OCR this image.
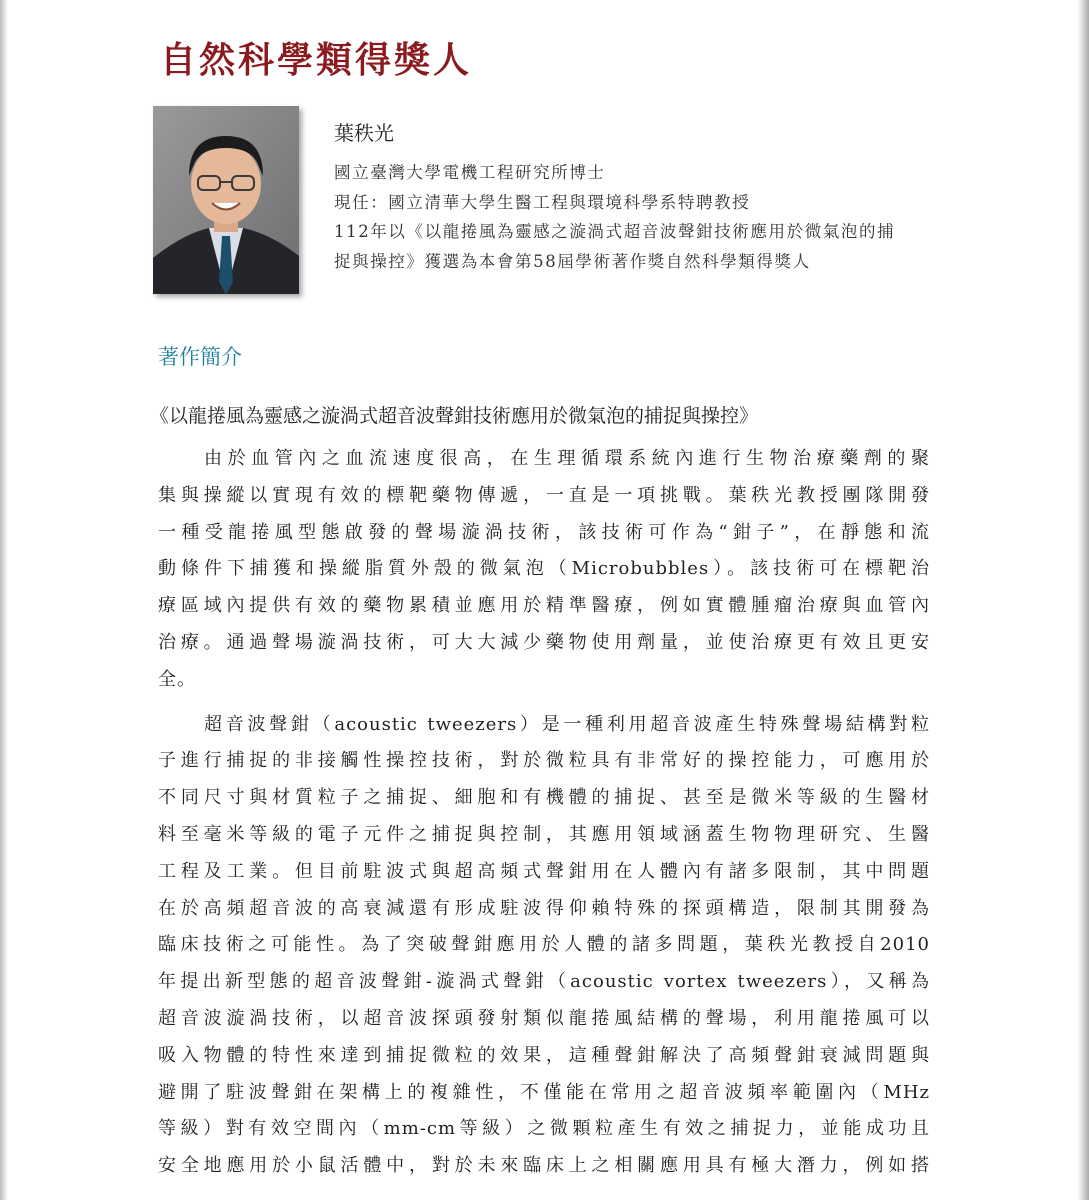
自然科學類得獎人
葉秩光
國立臺灣大學電機工程研究所博士
現任：國立清華大學生醫工程與環境科學系特聘教授
112年以《以龍捲風為靈感之漩渦式超音波聲鉗技術應用於微氣泡的捕
捉與操控》獲選為本會第58屆學術著作獎自然科學類得獎人
著作簡介
《以龍捲風為靈感之漩渦式超音波聲鉗技術應用於微氣泡的捕捉與操控》
由於血管內之血流速度很高，在生理循環系統內進行生物治療藥劑的聚
集與操縱以實現有效的標靶藥物傳遞，一直是一項挑戰。葉秩光教授團隊開發
一種受龍捲風型態啟發的聲場漩渦技術，該技術可作為“鉗子”，在靜態和流
動條件下捕獲和操縱脂質外殼的微氣泡（Microbubbles）。該技術可在標靶治
療區域內提供有效的藥物累積並應用於精準醫療，例如實體腫瘤治療與血管內
治療。通過聲場漩渦技術，可大大減少藥物使用劑量，並使治療更有效且更安
全。
超音波聲鉗（acoustic tweezers）是一種利用超音波產生特殊聲場結構對粒
子進行捕捉的非接觸性操控技術，對於微粒具有非常好的操控能力，可應用於
不同尺寸與材質粒子之捕捉、細胞和有機體的捕捉、甚至是微米等級的生醫材
料至毫米等級的電子元件之捕捉與控制，其應用領域涵蓋生物物理研究、生醫
工程及工業。但目前駐波式與超高頻式聲鉗用在人體內有諸多限制，其中問題
在於高頻超音波的高衰減還有形成駐波得仰賴特殊的探頭構造，限制其開發為
臨床技術之可能性。為了突破聲鉗應用於人體的諸多問題，葉秩光教授自2010
年提出新型態的超音波聲鉗-漩渦式聲鉗（acoustic vortex tweezers），又稱為
超音波漩渦技術，以超音波探頭發射類似龍捲風結構的聲場，利用龍捲風可以
吸入物體的特性來達到捕捉微粒的效果，這種聲鉗解決了高頻聲鉗衰減問題與
避開了駐波聲鉗在架構上的複雜性，不僅能在常用之超音波頻率範圍內（MHz
等級）對有效空間內（mm-cm等級）之微顆粒產生有效之捕捉力，並能成功且
安全地應用於小鼠活體中，對於未來臨床上之相關應用具有極大潛力，例如搭
